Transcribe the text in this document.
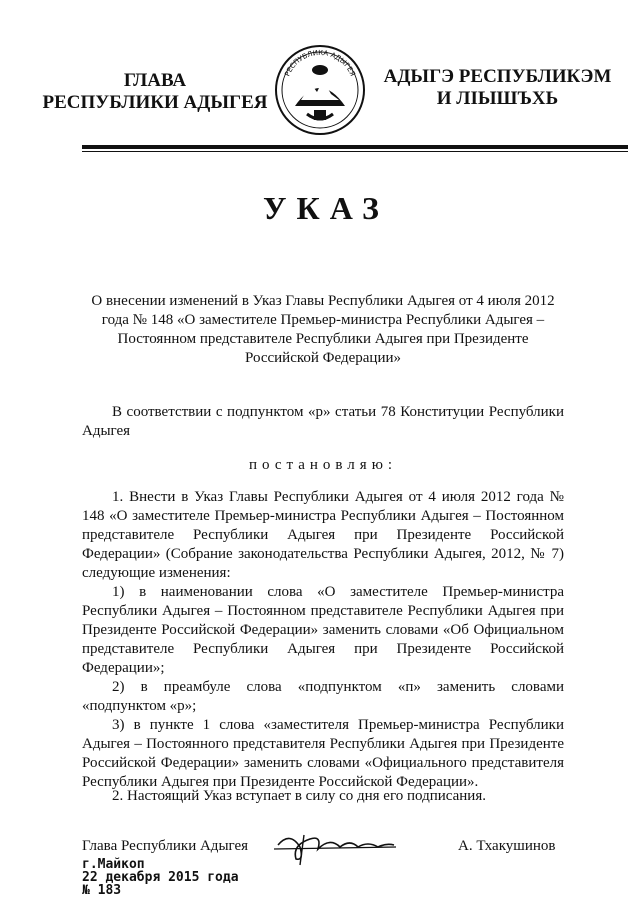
ГЛАВА
РЕСПУБЛИКИ АДЫГЕЯ
РЕСПУБЛИКА АДЫГЕЯ	АДЫГЭ РЕСПУБЛИКЭМ
И ЛІЫШЪХЬ
УКАЗ
О внесении изменений в Указ Главы Республики Адыгея от 4 июля 2012 года № 148 «О заместителе Премьер-министра Республики Адыгея – Постоянном представителе Республики Адыгея при Президенте Российской Федерации»
В соответствии с подпунктом «р» статьи 78 Конституции Республики Адыгея
постановляю:

1. Внести в Указ Главы Республики Адыгея от 4 июля 2012 года № 148 «О заместителе Премьер-министра Республики Адыгея – Постоянном представителе Республики Адыгея при Президенте Российской Федерации» (Собрание законодательства Республики Адыгея, 2012, № 7) следующие изменения:

1) в наименовании слова «О заместителе Премьер-министра Республики Адыгея – Постоянном представителе Республики Адыгея при Президенте Российской Федерации» заменить словами «Об Официальном представителе Республики Адыгея при Президенте Российской Федерации»;

2) в преамбуле слова «подпунктом «п» заменить словами «подпунктом «р»;

3) в пункте 1 слова «заместителя Премьер-министра Республики Адыгея – Постоянного представителя Республики Адыгея при Президенте Российской Федерации» заменить словами «Официального представителя Республики Адыгея при Президенте Российской Федерации».

2. Настоящий Указ вступает в силу со дня его подписания.
Глава Республики Адыгея	А. Тхакушинов
г.Майкоп
22 декабря 2015 года
№ 183
